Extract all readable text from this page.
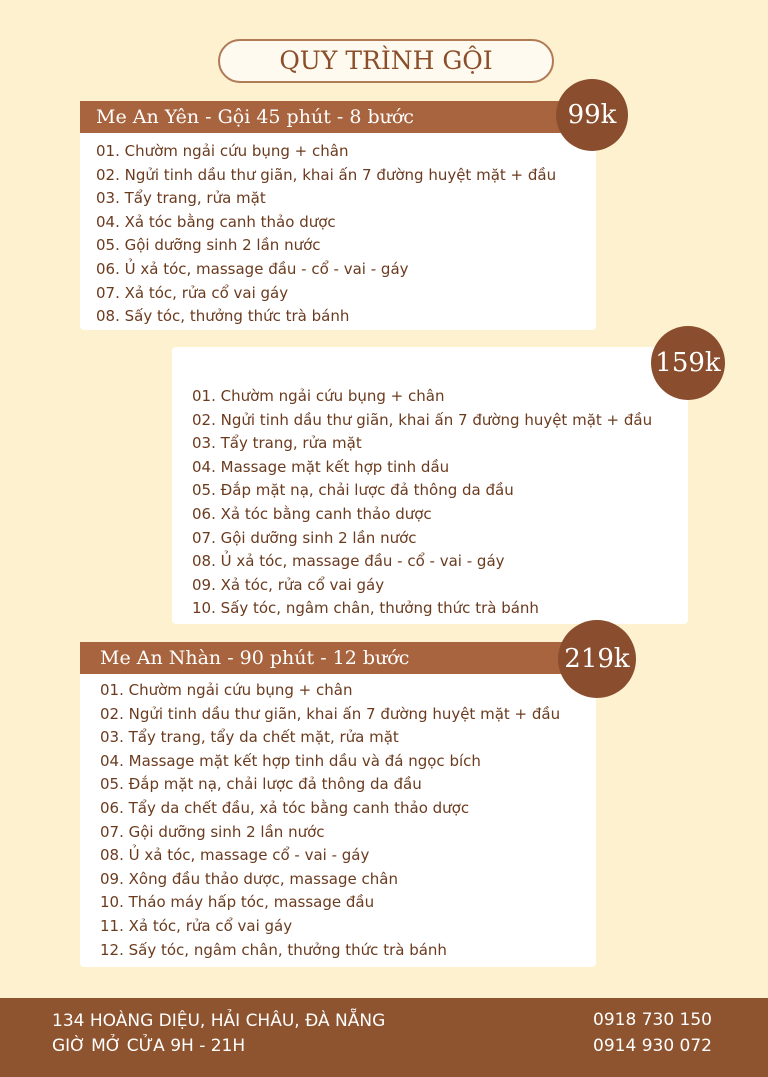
QUY TRÌNH GỘI
01. Chườm ngải cứu bụng + chân
02. Ngửi tinh dầu thư giãn, khai ấn 7 đường huyệt mặt + đầu
03. Tẩy trang, rửa mặt
04. Xả tóc bằng canh thảo dược
05. Gội dưỡng sinh 2 lần nước
06. Ủ xả tóc, massage đầu - cổ - vai - gáy
07. Xả tóc, rửa cổ vai gáy
08. Sấy tóc, thưởng thức trà bánh
Me An Yên - Gội 45 phút - 8 bước	99k
01. Chườm ngải cứu bụng + chân
02. Ngửi tinh dầu thư giãn, khai ấn 7 đường huyệt mặt + đầu
03. Tẩy trang, rửa mặt
04. Massage mặt kết hợp tinh dầu
05. Đắp mặt nạ, chải lược đả thông da đầu
06. Xả tóc bằng canh thảo dược
07. Gội dưỡng sinh 2 lần nước
08. Ủ xả tóc, massage đầu - cổ - vai - gáy
09. Xả tóc, rửa cổ vai gáy
10. Sấy tóc, ngâm chân, thưởng thức trà bánh
159k
01. Chườm ngải cứu bụng + chân
02. Ngửi tinh dầu thư giãn, khai ấn 7 đường huyệt mặt + đầu
03. Tẩy trang, tẩy da chết mặt, rửa mặt
04. Massage mặt kết hợp tinh dầu và đá ngọc bích
05. Đắp mặt nạ, chải lược đả thông da đầu
06. Tẩy da chết đầu, xả tóc bằng canh thảo dược
07. Gội dưỡng sinh 2 lần nước
08. Ủ xả tóc, massage cổ - vai - gáy
09. Xông đầu thảo dược, massage chân
10. Tháo máy hấp tóc, massage đầu
11. Xả tóc, rửa cổ vai gáy
12. Sấy tóc, ngâm chân, thưởng thức trà bánh
Me An Nhàn - 90 phút - 12 bước	219k
134 HOÀNG DIỆU, HẢI CHÂU, ĐÀ NẴNG
GIỜ MỞ CỬA 9H - 21H
0918 730 150
0914 930 072
